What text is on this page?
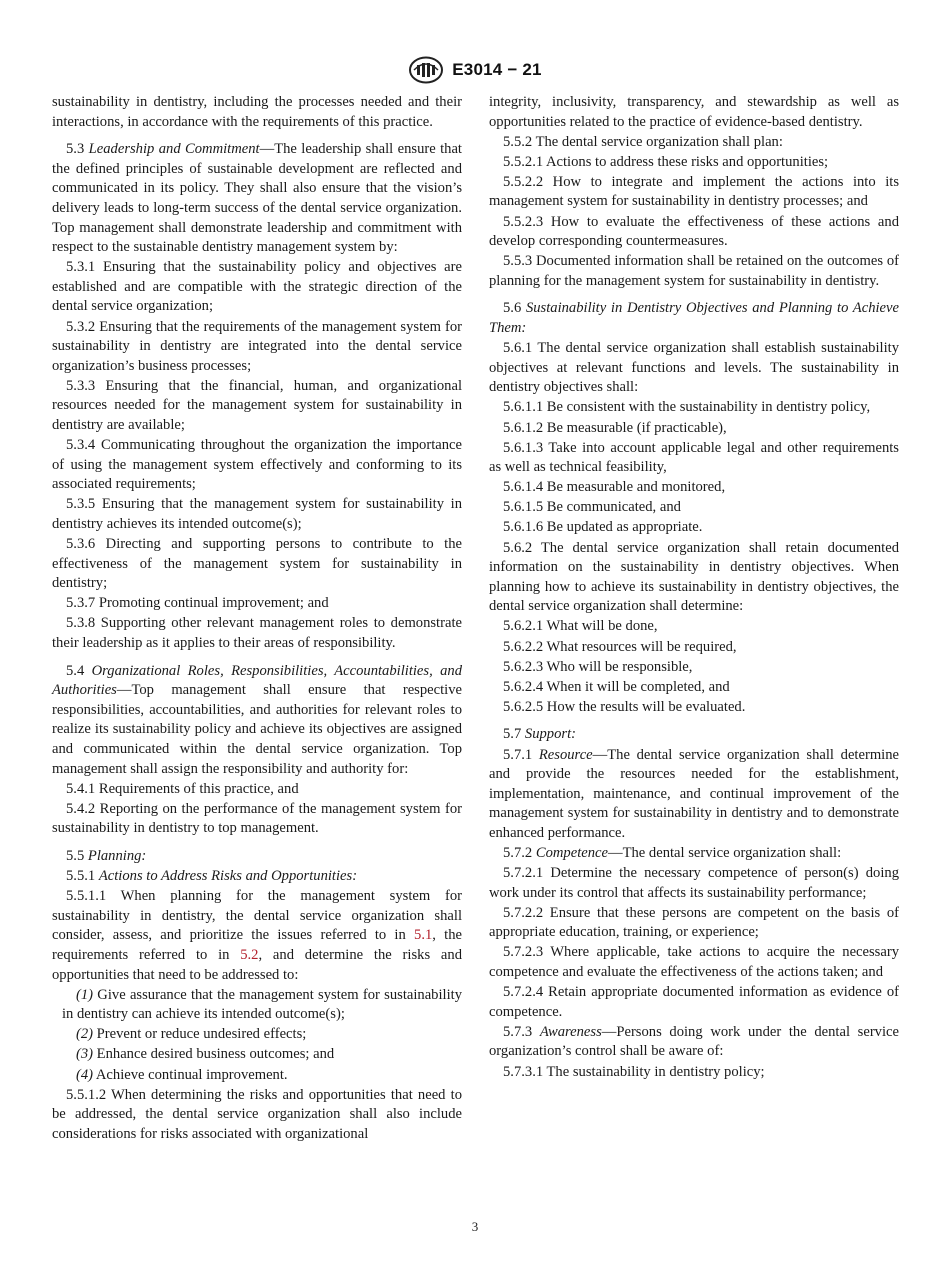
E3014 − 21

sustainability in dentistry, including the processes needed and their interactions, in accordance with the requirements of this practice.

5.3 Leadership and Commitment—The leadership shall ensure that the defined principles of sustainable development are reflected and communicated in its policy. They shall also ensure that the vision’s delivery leads to long-term success of the dental service organization. Top management shall demonstrate leadership and commitment with respect to the sustainable dentistry management system by:

5.3.1 Ensuring that the sustainability policy and objectives are established and are compatible with the strategic direction of the dental service organization;

5.3.2 Ensuring that the requirements of the management system for sustainability in dentistry are integrated into the dental service organization’s business processes;

5.3.3 Ensuring that the financial, human, and organizational resources needed for the management system for sustainability in dentistry are available;

5.3.4 Communicating throughout the organization the importance of using the management system effectively and conforming to its associated requirements;

5.3.5 Ensuring that the management system for sustainability in dentistry achieves its intended outcome(s);

5.3.6 Directing and supporting persons to contribute to the effectiveness of the management system for sustainability in dentistry;

5.3.7 Promoting continual improvement; and

5.3.8 Supporting other relevant management roles to demonstrate their leadership as it applies to their areas of responsibility.

5.4 Organizational Roles, Responsibilities, Accountabilities, and Authorities—Top management shall ensure that respective responsibilities, accountabilities, and authorities for relevant roles to realize its sustainability policy and achieve its objectives are assigned and communicated within the dental service organization. Top management shall assign the responsibility and authority for:

5.4.1 Requirements of this practice, and

5.4.2 Reporting on the performance of the management system for sustainability in dentistry to top management.

5.5 Planning:

5.5.1 Actions to Address Risks and Opportunities:

5.5.1.1 When planning for the management system for sustainability in dentistry, the dental service organization shall consider, assess, and prioritize the issues referred to in 5.1, the requirements referred to in 5.2, and determine the risks and opportunities that need to be addressed to:

(1) Give assurance that the management system for sustainability in dentistry can achieve its intended outcome(s);

(2) Prevent or reduce undesired effects;

(3) Enhance desired business outcomes; and

(4) Achieve continual improvement.

5.5.1.2 When determining the risks and opportunities that need to be addressed, the dental service organization shall also include considerations for risks associated with organizational

integrity, inclusivity, transparency, and stewardship as well as opportunities related to the practice of evidence-based dentistry.

5.5.2 The dental service organization shall plan:

5.5.2.1 Actions to address these risks and opportunities;

5.5.2.2 How to integrate and implement the actions into its management system for sustainability in dentistry processes; and

5.5.2.3 How to evaluate the effectiveness of these actions and develop corresponding countermeasures.

5.5.3 Documented information shall be retained on the outcomes of planning for the management system for sustainability in dentistry.

5.6 Sustainability in Dentistry Objectives and Planning to Achieve Them:

5.6.1 The dental service organization shall establish sustainability objectives at relevant functions and levels. The sustainability in dentistry objectives shall:

5.6.1.1 Be consistent with the sustainability in dentistry policy,

5.6.1.2 Be measurable (if practicable),

5.6.1.3 Take into account applicable legal and other requirements as well as technical feasibility,

5.6.1.4 Be measurable and monitored,

5.6.1.5 Be communicated, and

5.6.1.6 Be updated as appropriate.

5.6.2 The dental service organization shall retain documented information on the sustainability in dentistry objectives. When planning how to achieve its sustainability in dentistry objectives, the dental service organization shall determine:

5.6.2.1 What will be done,

5.6.2.2 What resources will be required,

5.6.2.3 Who will be responsible,

5.6.2.4 When it will be completed, and

5.6.2.5 How the results will be evaluated.

5.7 Support:

5.7.1 Resource—The dental service organization shall determine and provide the resources needed for the establishment, implementation, maintenance, and continual improvement of the management system for sustainability in dentistry and to demonstrate enhanced performance.

5.7.2 Competence—The dental service organization shall:

5.7.2.1 Determine the necessary competence of person(s) doing work under its control that affects its sustainability performance;

5.7.2.2 Ensure that these persons are competent on the basis of appropriate education, training, or experience;

5.7.2.3 Where applicable, take actions to acquire the necessary competence and evaluate the effectiveness of the actions taken; and

5.7.2.4 Retain appropriate documented information as evidence of competence.

5.7.3 Awareness—Persons doing work under the dental service organization’s control shall be aware of:

5.7.3.1 The sustainability in dentistry policy;

3
